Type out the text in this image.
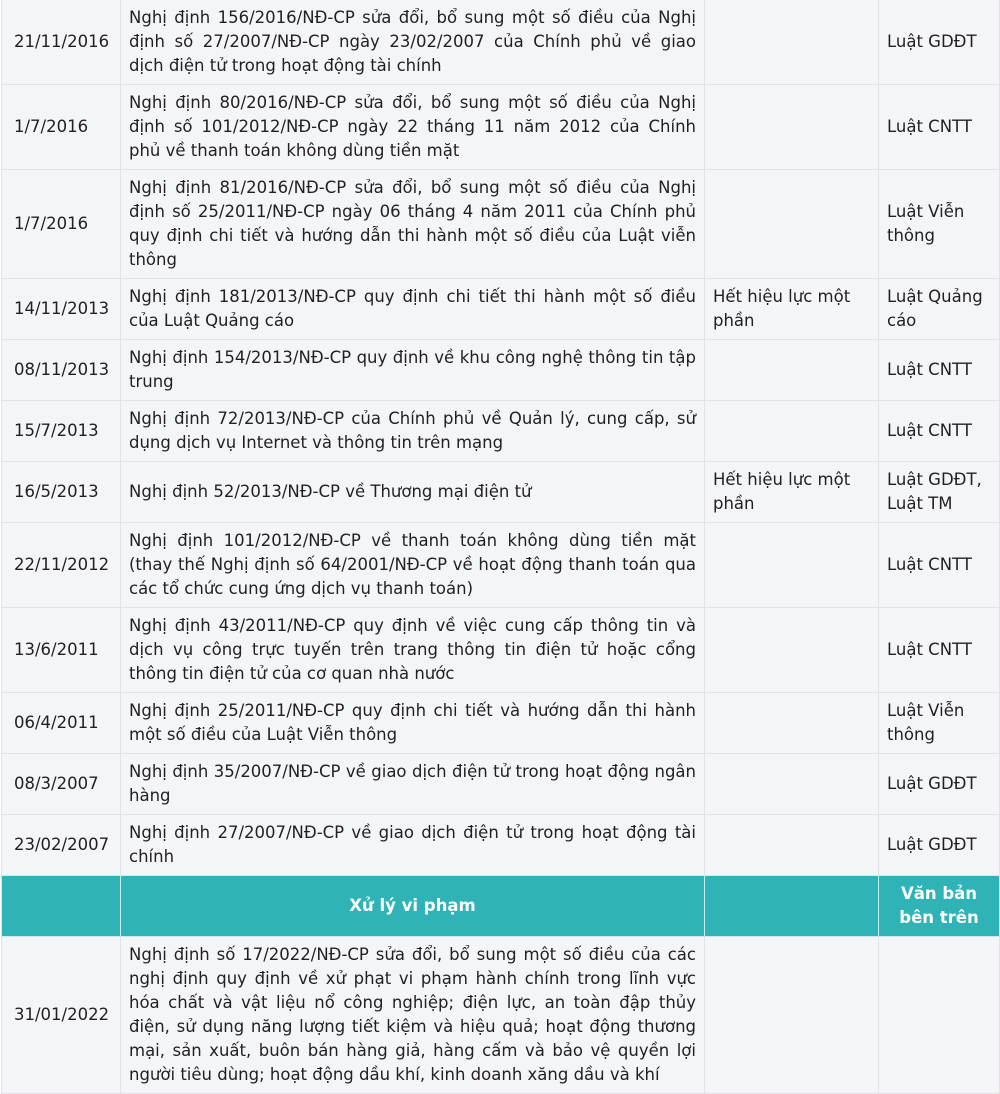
21/11/2016	Nghị định 156/2016/NĐ-CP sửa đổi, bổ sung một số điều của Nghị định số 27/2007/NĐ-CP ngày 23/02/2007 của Chính phủ về giao dịch điện tử trong hoạt động tài chính		Luật GDĐT
1/7/2016	Nghị định 80/2016/NĐ-CP sửa đổi, bổ sung một số điều của Nghị định số 101/2012/NĐ-CP ngày 22 tháng 11 năm 2012 của Chính phủ về thanh toán không dùng tiền mặt		Luật CNTT
1/7/2016	Nghị định 81/2016/NĐ-CP sửa đổi, bổ sung một số điều của Nghị định số 25/2011/NĐ-CP ngày 06 tháng 4 năm 2011 của Chính phủ quy định chi tiết và hướng dẫn thi hành một số điều của Luật viễn thông		Luật Viễn thông
14/11/2013	Nghị định 181/2013/NĐ-CP quy định chi tiết thi hành một số điều của Luật Quảng cáo	Hết hiệu lực một phần	Luật Quảng cáo
08/11/2013	Nghị định 154/2013/NĐ-CP quy định về khu công nghệ thông tin tập trung		Luật CNTT
15/7/2013	Nghị định 72/2013/NĐ-CP của Chính phủ về Quản lý, cung cấp, sử dụng dịch vụ Internet và thông tin trên mạng		Luật CNTT
16/5/2013	Nghị định 52/2013/NĐ-CP về Thương mại điện tử	Hết hiệu lực một phần	Luật GDĐT, Luật TM
22/11/2012	Nghị định 101/2012/NĐ-CP về thanh toán không dùng tiền mặt (thay thế Nghị định số 64/2001/NĐ-CP về hoạt động thanh toán qua các tổ chức cung ứng dịch vụ thanh toán)		Luật CNTT
13/6/2011	Nghị định 43/2011/NĐ-CP quy định về việc cung cấp thông tin và dịch vụ công trực tuyến trên trang thông tin điện tử hoặc cổng thông tin điện tử của cơ quan nhà nước		Luật CNTT
06/4/2011	Nghị định 25/2011/NĐ-CP quy định chi tiết và hướng dẫn thi hành một số điều của Luật Viễn thông		Luật Viễn thông
08/3/2007	Nghị định 35/2007/NĐ-CP về giao dịch điện tử trong hoạt động ngân hàng		Luật GDĐT
23/02/2007	Nghị định 27/2007/NĐ-CP về giao dịch điện tử trong hoạt động tài chính		Luật GDĐT
	Xử lý vi phạm		Văn bản bên trên
31/01/2022	Nghị định số 17/2022/NĐ-CP sửa đổi, bổ sung một số điều của các nghị định quy định về xử phạt vi phạm hành chính trong lĩnh vực hóa chất và vật liệu nổ công nghiệp; điện lực, an toàn đập thủy điện, sử dụng năng lượng tiết kiệm và hiệu quả; hoạt động thương mại, sản xuất, buôn bán hàng giả, hàng cấm và bảo vệ quyền lợi người tiêu dùng; hoạt động dầu khí, kinh doanh xăng dầu và khí		
